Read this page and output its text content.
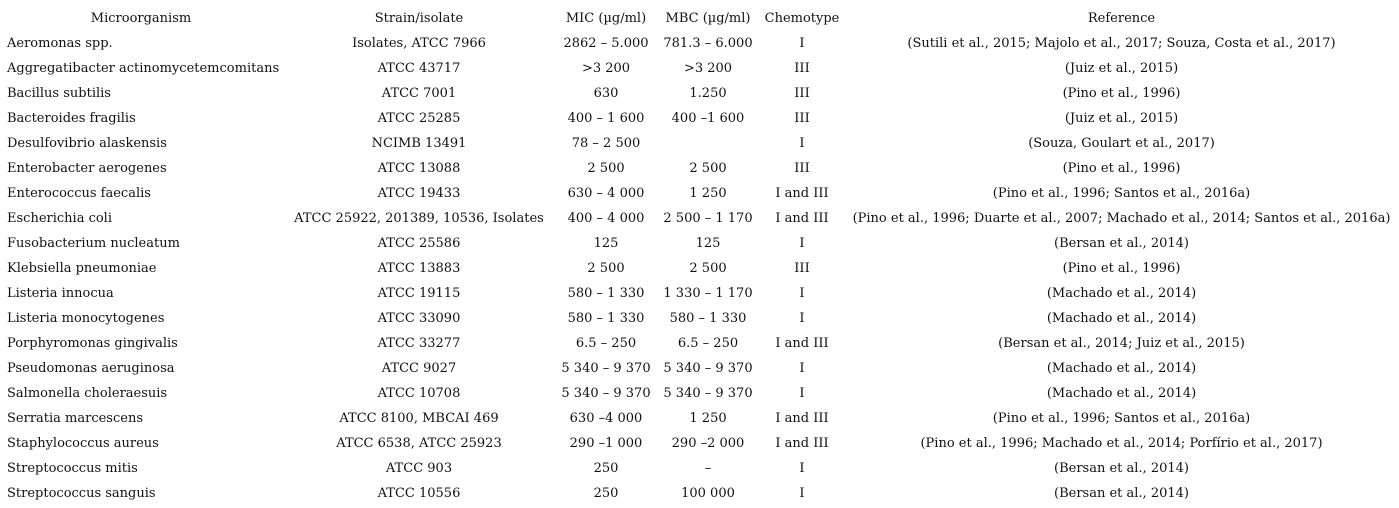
Microorganism	Strain/isolate	MIC (µg/ml)	MBC (µg/ml)	Chemotype	Reference
Aeromonas spp.	Isolates, ATCC 7966	2862 – 5.000	781.3 – 6.000	I	(Sutili et al., 2015; Majolo et al., 2017; Souza, Costa et al., 2017)
Aggregatibacter actinomycetemcomitans	ATCC 43717	>3 200	>3 200	III	(Juiz et al., 2015)
Bacillus subtilis	ATCC 7001	630	1.250	III	(Pino et al., 1996)
Bacteroides fragilis	ATCC 25285	400 – 1 600	400 –1 600	III	(Juiz et al., 2015)
Desulfovibrio alaskensis	NCIMB 13491	78 – 2 500		I	(Souza, Goulart et al., 2017)
Enterobacter aerogenes	ATCC 13088	2 500	2 500	III	(Pino et al., 1996)
Enterococcus faecalis	ATCC 19433	630 – 4 000	1 250	I and III	(Pino et al., 1996; Santos et al., 2016a)
Escherichia coli	ATCC 25922, 201389, 10536, Isolates	400 – 4 000	2 500 – 1 170	I and III	(Pino et al., 1996; Duarte et al., 2007; Machado et al., 2014; Santos et al., 2016a)
Fusobacterium nucleatum	ATCC 25586	125	125	I	(Bersan et al., 2014)
Klebsiella pneumoniae	ATCC 13883	2 500	2 500	III	(Pino et al., 1996)
Listeria innocua	ATCC 19115	580 – 1 330	1 330 – 1 170	I	(Machado et al., 2014)
Listeria monocytogenes	ATCC 33090	580 – 1 330	580 – 1 330	I	(Machado et al., 2014)
Porphyromonas gingivalis	ATCC 33277	6.5 – 250	6.5 – 250	I and III	(Bersan et al., 2014; Juiz et al., 2015)
Pseudomonas aeruginosa	ATCC 9027	5 340 – 9 370	5 340 – 9 370	I	(Machado et al., 2014)
Salmonella choleraesuis	ATCC 10708	5 340 – 9 370	5 340 – 9 370	I	(Machado et al., 2014)
Serratia marcescens	ATCC 8100, MBCAI 469	630 –4 000	1 250	I and III	(Pino et al., 1996; Santos et al., 2016a)
Staphylococcus aureus	ATCC 6538, ATCC 25923	290 –1 000	290 –2 000	I and III	(Pino et al., 1996; Machado et al., 2014; Porfírio et al., 2017)
Streptococcus mitis	ATCC 903	250	–	I	(Bersan et al., 2014)
Streptococcus sanguis	ATCC 10556	250	100 000	I	(Bersan et al., 2014)
